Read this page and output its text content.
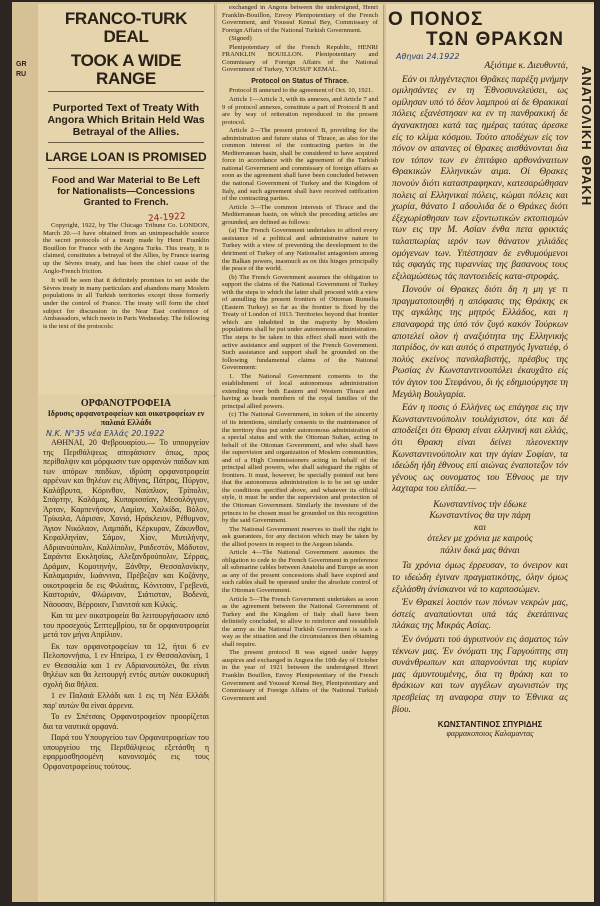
FRANCO-TURK DEAL
TOOK A WIDE RANGE
Purported Text of Treaty With Angora Which Britain Held Was Betrayal of the Allies.
LARGE LOAN IS PROMISED
Food and War Material to Be Left for Nationalists—Concessions Granted to French.
24-1922

Copyright, 1922, by The Chicago Tribune Co. LONDON, March 20.—I have obtained from an unimpeachable source the secret protocols of a treaty made by Henri Franklin Bouillon for France with the Angora Turks. This treaty, it is claimed, constitutes a betrayal of the Allies, by France tearing up the Sèvres treaty, and has been the chief cause of the Anglo-French friction.

It will be seen that it definitely promises to set aside the Sèvres treaty in many particulars and abandons many Moslem populations in all Turkish territories except those formerly under the control of France. The treaty will form the chief subject for discussion in the Near East conference of Ambassadors, which meets in Paris Wednesday. The following is the text of the protocols:

ΟΡΦΑΝΟΤΡΟΦΕΙΑ
Ιδρυσις ορφανοτροφείων και οικοτροφείων εν παλαιά Ελλάδι
Ν.Κ. Ν°35 νέα Ελλάς 20.1922

ΑΘΗΝΑΙ, 20 Φεβρουαρίου.— Το υπουργείον της Περιθάλψεως απεφάσισεν όπως, προς περίθαλψιν και μόρφωσιν των ορφανών παίδων και των απόρων παιδίων, ιδρύση ορφανοτροφεία αρρένων και θηλέων εις Αθήνας, Πάτρας, Πύργον, Καλάβρυτα, Κόρινθον, Ναύπλιον, Τρίπολιν, Σπάρτην, Καλάμας, Κυπαρισσίαν, Μεσολόγγιον, Άρταν, Καρπενήσιον, Λαμίαν, Χαλκίδα, Βόλον, Τρίκαλα, Λάρισαν, Χανιά, Ηράκλειον, Ρέθυμνον, Άγιον Νικόλαον, Λαμπάδι, Κέρκυραν, Ζάκυνθον, Κεφαλληνίαν, Σάμον, Χίον, Μυτιλήνην, Αδριανούπολιν, Καλλίπολιν, Ραιδεστόν, Μάδυτον, Σαράντα Εκκλησίας, Αλεξανδρούπολιν, Σέρρας, Δράμαν, Κομοτηνήν, Ξάνθην, Θεσσαλονίκην, Καλαμαριάν, Ιωάννινα, Πρέβεζαν και Κοζάνην, οικοτροφεία δε εις Φιλιάτας, Κόνιτσαν, Γρεβενά, Καστοριάν, Φλώριναν, Σιάτισταν, Βοδενά, Νάουσαν, Βέρροιαν, Γιανιτσά και Κιλκίς.

Και τα μεν οικοτροφεία θα λειτουργήσωσιν από του προσεχούς Σεπτεμβρίου, τα δε ορφανοτροφεία μετά τον μήνα Απρίλιον.

Εκ των ορφανοτροφείων τα 12, ήτοι 6 εν Πελοποννήσω, 1 εν Ηπείρω, 1 εν Θεσσαλονίκη, 1 εν Θεσσαλία και 1 εν Αδριανουπόλει, θα είναι θηλέων και θα λειτουργή εντός αυτών οικοκυρική σχολή δια θήλεα.

1 εν Παλαιά Ελλάδι και 1 εις τη Νέα Ελλάδι παρ' αυτών θα είναι άρρενα.

Το εν Σπέτσαις Ορφανοτροφείον προορίζεται δια τα ναυτικά ορφανά.

Παρά του Υπουργείου των Ορφανοτροφείων του υπουργείου της Περιθάλψεως εξετάσθη η εφαρμοσθησομένη κανονισμός εις τους Ορφανοτροφείους τούτους.

exchanged in Angora between the undersigned, Henri Franklin-Bouillon, Envoy Plenipotentiary of the French Government, and Youssuf Kemal Bey, Commissary of Foreign Affairs of the National Turkish Government.

(Signed)

Plenipotentiary of the French Republic, HENRI FRANKLIN BOUILLON. Plenipotentiary and Commissary of Foreign Affairs of the National Government of Turkey, YOUSUF KEMAL.

Protocol on Status of Thrace.

Protocol B annexed to the agreement of Oct. 10, 1921.

Article 1—Article 3, with its annexes, and Article 7 and 9 of protocol annexes, constitute a part of Protocol B and are by way of reiteration reproduced in the present protocol.

Article 2—The present protocol B, providing for the administration and future status of Thrace, as also for the common interest of the contracting parties in the Mediterranean basin, shall be considered to have acquired force in accordance with the agreement of the Turkish national Government and commissary of foreign affairs as soon as the agreement shall have been concluded between the national Government of Turkey and the Kingdom of Italy, and such agreement shall have received ratification of the contracting parties.

Article 3—The common interests of Thrace and the Mediterranean basin, on which the preceding articles are grounded, are defined as follows:

(a) The French Government undertakes to afford every assistance of a political and administrative nature to Turkey with a view of preventing the development to the detriment of Turkey of any Nationalist antagonism among the Balkan powers, inasmuch as on this hinges principally the peace of the world.

(b) The French Government assumes the obligation to support the claims of the National Government of Turkey with the steps to which the latter shall proceed with a view of annulling the present frontiers of Ottoman Rumelia (Eastern Turkey) so far as the frontier is fixed by the Treaty of London of 1913. Territories beyond that frontier which are inhabited in the majority by Moslem populations shall be put under autonomous administration. The steps to be taken in this effect shall meet with the active assistance and support of the French Government. Such assistance and support shall be grounded on the following fundamental claims of the National Government:

1. The National Government consents to the establishment of local autonomous administration extending over both Eastern and Western Thrace and having as heads members of the royal families of the principal allied powers.

(c) The National Government, in token of the sincerity of its intentions, similarly consents to the maintenance of the territory thus put under autonomous administration of a special status and with the Ottoman Sultan, acting in behalf of the Ottoman Government, and who shall have the supervision and organization of Moslem communities, and of a High Commissioners acting in behalf of the principal allied powers, who shall safeguard the rights of frontiers. It must, however, be specially pointed out here that the autonomous administration is to be set up under the conditions specified above, and whatever its official style, it must be under the supervision and protection of the Ottoman Government. Similarly the investure of the princes to be chosen must be grounded on this recognition by the said Government.

The National Government reserves to itself the right to ask guarantees, for any decision which may be taken by the allied powers in respect to the Aegean islands.

Article 4—The National Government assumes the obligation to cede to the French Government in preference all submarine cables between Anatolia and Europe as soon as any of the present concessions shall have expired and such cables shall be operated under the absolute control of the Ottoman Government.

Article 5—The French Government undertakes as soon as the agreement between the National Government of Turkey and the Kingdom of Italy shall have been definitely concluded, to allow to reinforce and reestablish the army as the National Turkish Government is such a way as the situation and the circumstances then obtaining shall require.

The present protocol B was signed under happy auspices and exchanged in Angora the 10th day of October in the year of 1921 between the undersigned Henri Franklin Bouillon, Envoy Plenipotentiary of the French Government and Youssuf Kemal Bey, Plenipotentiary and Commissary of Foreign Affairs of the National Turkish Government and

Ο ΠΟΝΟΣ
ΤΩΝ ΘΡΑΚΩΝ
ΑΝΑΤΟΛΙΚΗ ΘΡΑΚΗ
Αθηναι 24.1922

Αξιότιμε κ. Διευθυντά,

Εάν οι πληγέντεςποι Θρᾶκες παρέξη μνήμην ομιλησάντες εν τη Έθνοσυνελεύσει, ως ομίλησαν υπό τό δέον λαμπρού αί δε Θρακικαί πόλεις εξανέστησαν κα εν τη πανθρακική δε άγανακτησει κατά τας ημέρας ταύτας άρεσκε είς το κλίμα κόσμου. Τούτο αποδέχων είς τον πόνον ον απαντες οί Θρακες αισθάνονται δια τον τόπον των εν έπιτάφιο αρθονάναιτων Θρακικών Ελληνικών αιμα. Οί Θρακες πονούν διότι καταστραφηκαν, κατεσαρώθησαν πολεις αί Ελληνικαί πόλεις, κώμαι πόλεις και χωρία, θάνατο 1 αδουλιδα δε ο Θράκες διότι έξεχωρίσθησαν των εξοντωτικών εκτοπισμών των εις την Μ. Ασίαν ένθα πετα φρικτάς ταλαιπωρίας ιερόν των θάνατον χιλιάδες ομόγενων των. Υπέστησαν δε ενθυμούμενοι τάς σφαγάς της τυραννίας της βασανους τους εξιλαμώσεως τάς παντοειδείς κατα-στροφάς.

Πονούν οί Θρακες διότι δη η μη γε τι πραγματοποιηθή η απόφασις της Θράκης εκ της αγκάλης της μητρός Ελλάδος, και η επαναφορά της ύπό τόν ζυγό κακόν Τούρκων αποτελεί ολον ή αναξιότητα της Ελληνικής πατρίδος, όν και αυτός ό στρατηγός Ιγνατιέφ, ό πολύς εκείνος πανσλαβιστής, πρέσβυς της Ρωσίας έν Κωνσταντινουπόλει έκαυχᾶτο είς τόν άγιον του Στεφάνου, δι ής εδημιούργησε τη Μεγάλη Βουλγαρία.

Εάν η ποσις ό Ελλήνες ως επάγησε εις την Κωνσταντινούπολιν τουλάχιστον, ότε και δέ αποδείξει ότι Θρακη είναι ελληνική και ελλάς, ότι Θρακη είναι δείνει πλεονεκτην Κωνσταντινούπολιν και την άγίαν Σοφίαν, τα ιδεώδη ήδη έθνους επί αιώνας έναποτεζον τόν γένους ως ουνοματος του Έθνους με την λαχταρα του ελπίδα.—

Κωνσταντίνος τήν έδωκε
Κωνσταντίνος θα την πάρη
και
ότελεν με χρόνια με καιρούς
πάλιν δικά μας θάναι

Τα χρόνια όμως έρρευσαν, το όνειρον και το ιδεώδη έγιναν πραγματικότης, όλην όμως εξιλάσθη άνίσκανοι νά το καρποσώμεν.

Έν Θρακεί λοιπόν των πόνων νεκρών μας, όστείς αναπαύονται υπά τάς έκετάπινας πλάκας της Μικράς Ασίας.

Έν όνόματι τού άγρυπνούν εις άσματος τών τέκνων μας. Έν όνόματι της Γαργούπτης στη συνάνθρωπων και απαρνούνται της κυρίαν μας άμυντουμένης, δια τη θράκη και το θράκιων και των αγγέλων αγωνιστών της πρεσβείας τη αναφορα στην το Έθνικα ας βίου.

ΚΩΝΣΤΑΝΤΙΝΟΣ ΣΠΥΡΙΔΗΣ
φαρμακοποιος Καλαμαντας
GR RU
